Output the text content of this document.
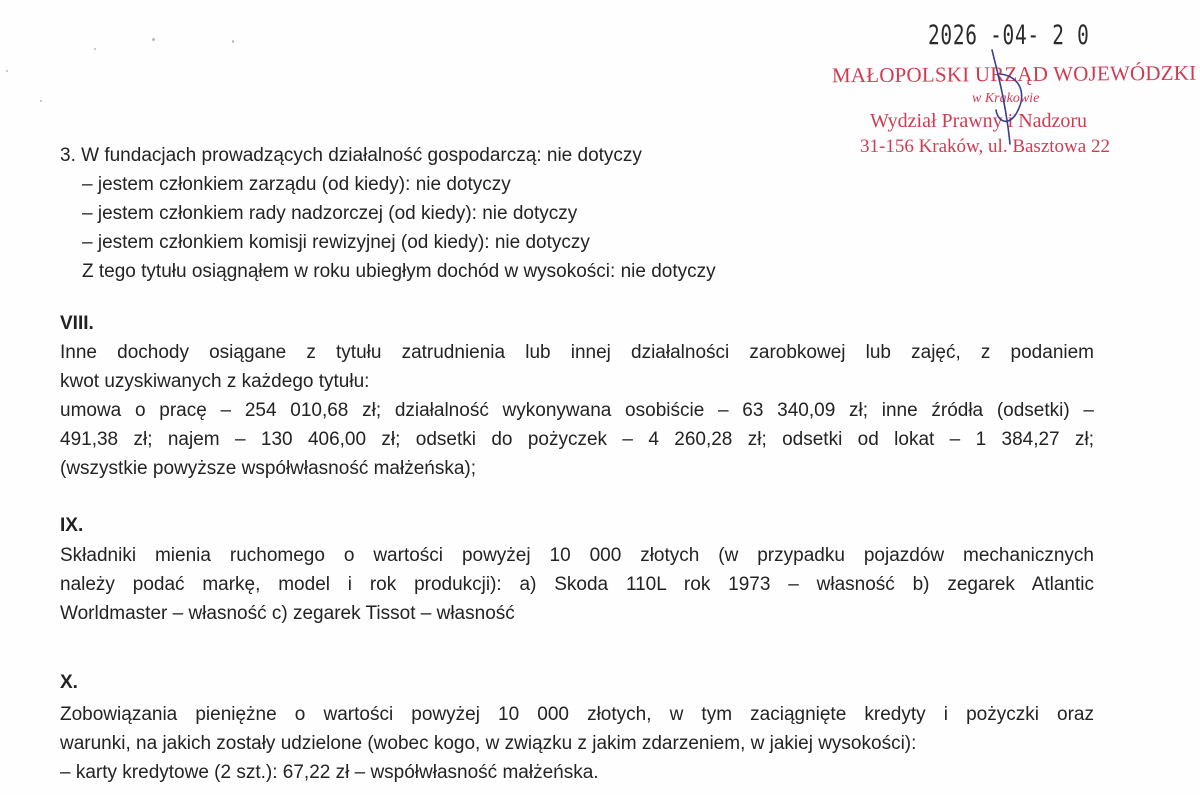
2026 -04- 2 0
MAŁOPOLSKI URZĄD WOJEWÓDZKI
w Krakowie
Wydział Prawny i Nadzoru
31-156 Kraków, ul. Basztowa 22
3. W fundacjach prowadzących działalność gospodarczą: nie dotyczy
– jestem członkiem zarządu (od kiedy): nie dotyczy
– jestem członkiem rady nadzorczej (od kiedy): nie dotyczy
– jestem członkiem komisji rewizyjnej (od kiedy): nie dotyczy
Z tego tytułu osiągnąłem w roku ubiegłym dochód w wysokości: nie dotyczy
VIII.
Inne dochody osiągane z tytułu zatrudnienia lub innej działalności zarobkowej lub zajęć, z podaniem
kwot uzyskiwanych z każdego tytułu:
umowa o pracę – 254 010,68 zł; działalność wykonywana osobiście – 63 340,09 zł; inne źródła (odsetki) –
491,38 zł; najem – 130 406,00 zł; odsetki do pożyczek – 4 260,28 zł; odsetki od lokat – 1 384,27 zł;
(wszystkie powyższe współwłasność małżeńska);
IX.
Składniki mienia ruchomego o wartości powyżej 10 000 złotych (w przypadku pojazdów mechanicznych
należy podać markę, model i rok produkcji): a) Skoda 110L rok 1973 – własność b) zegarek Atlantic
Worldmaster – własność c) zegarek Tissot – własność
X.
Zobowiązania pieniężne o wartości powyżej 10 000 złotych, w tym zaciągnięte kredyty i pożyczki oraz
warunki, na jakich zostały udzielone (wobec kogo, w związku z jakim zdarzeniem, w jakiej wysokości):
– karty kredytowe (2 szt.): 67,22 zł – współwłasność małżeńska.
